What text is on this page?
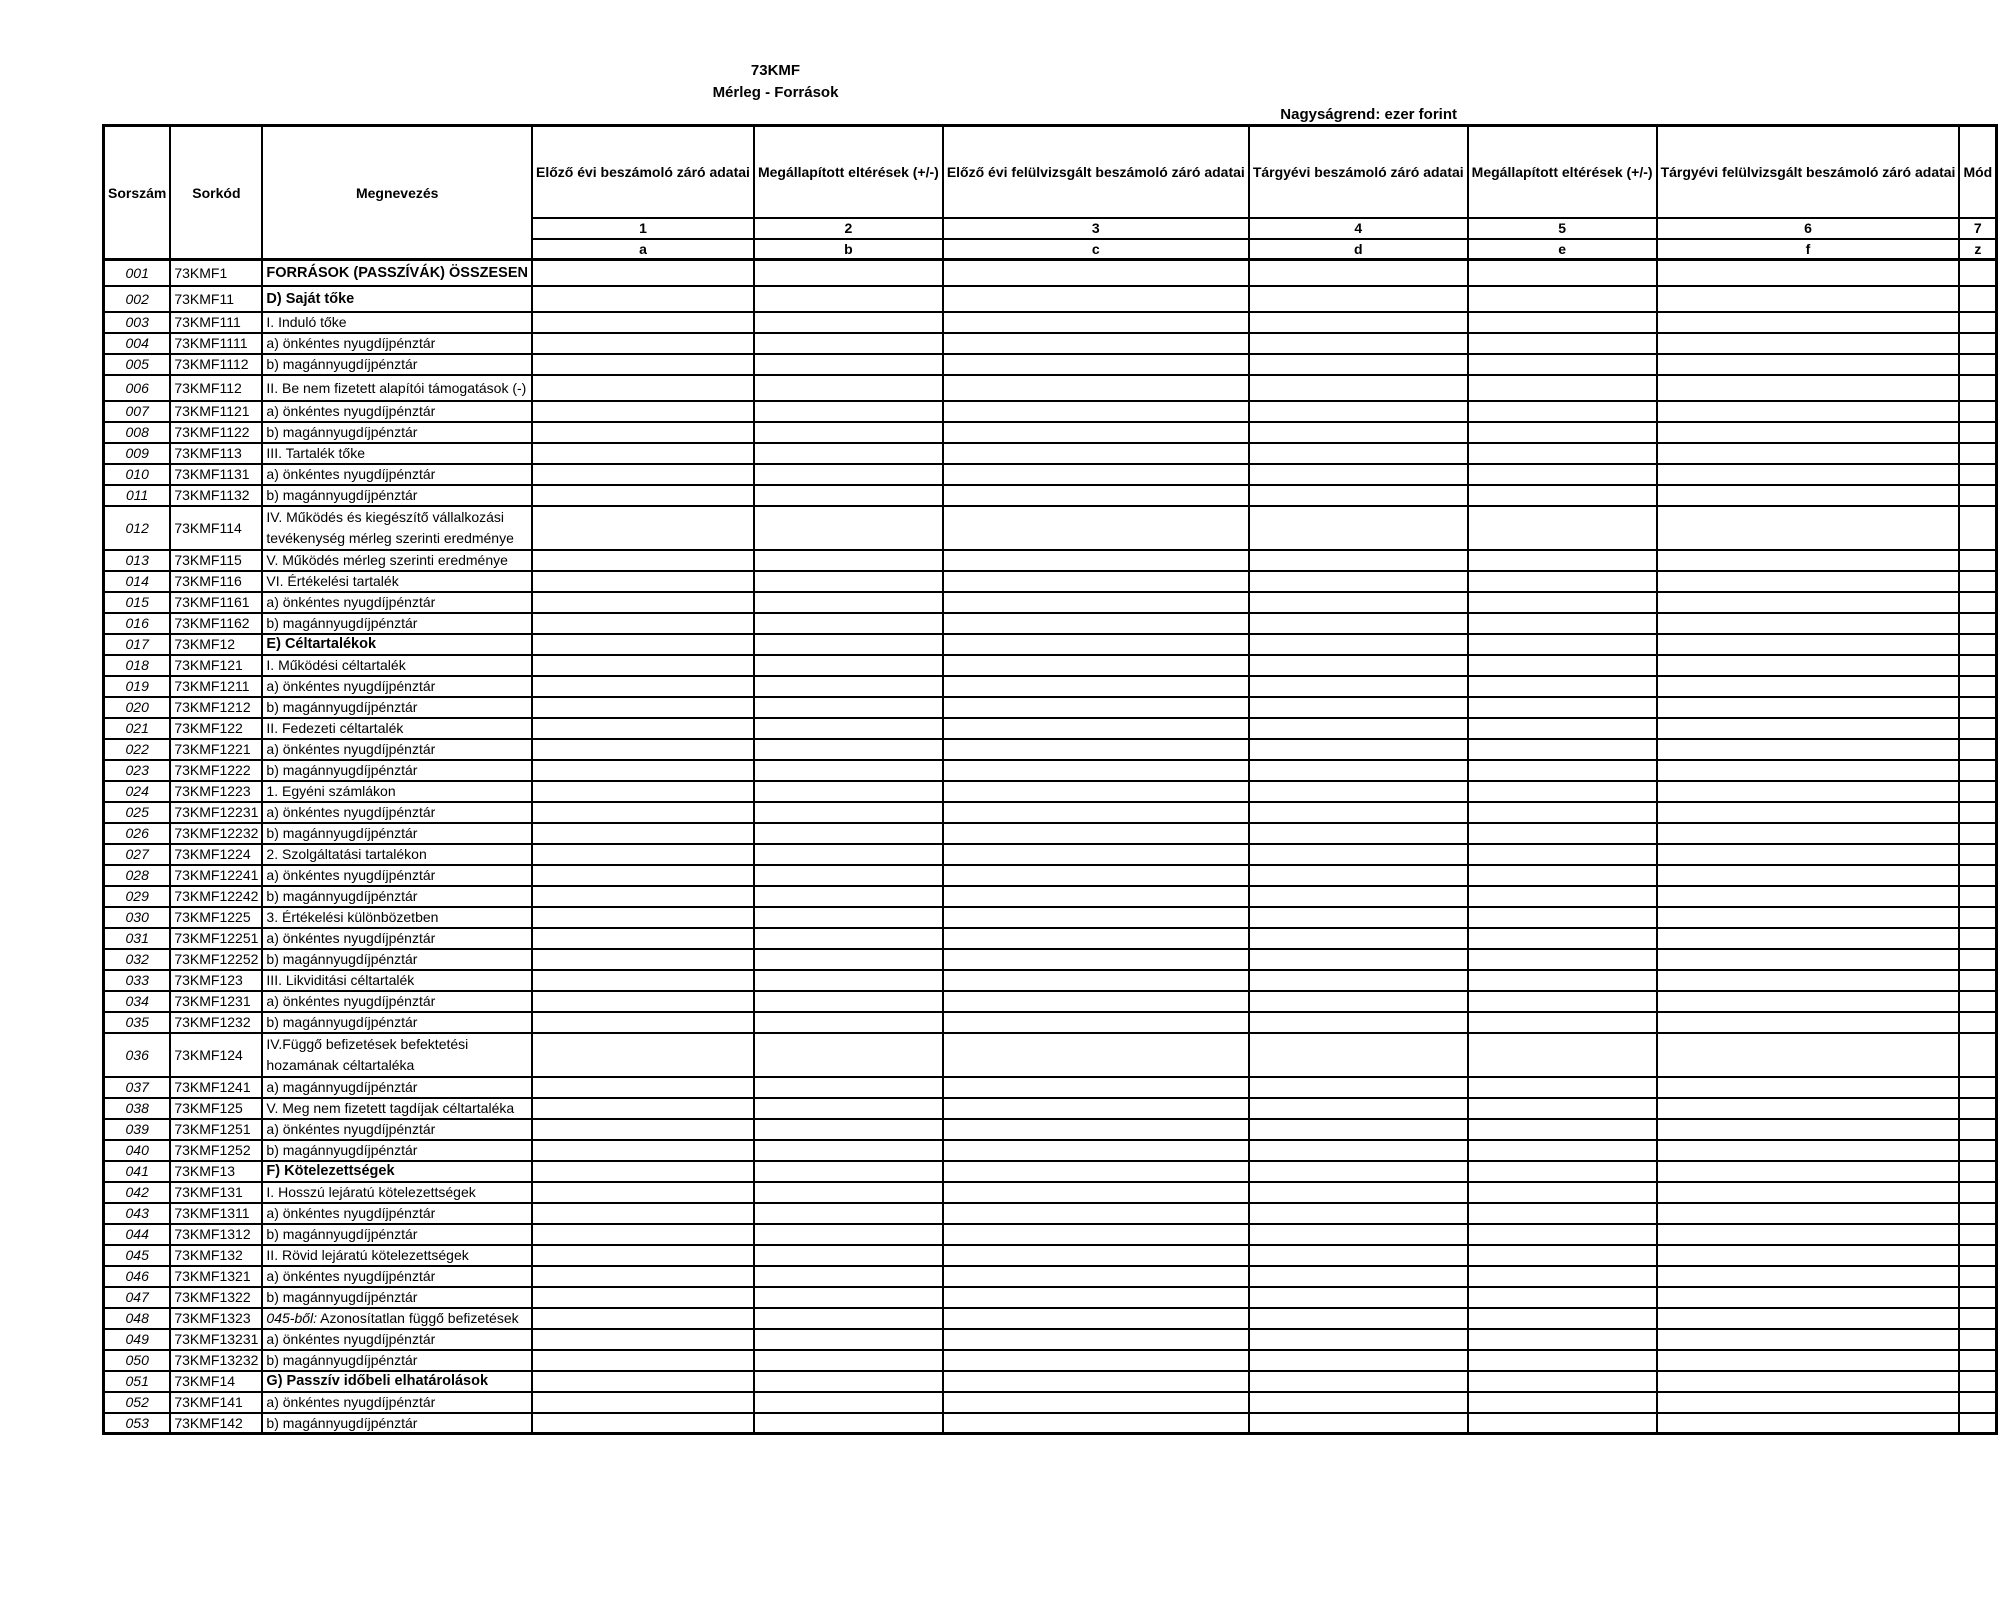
73KMF
Mérleg - Források
Nagyságrend: ezer forint
Sorszám	Sorkód	Megnevezés	Előző évi beszámoló záró adatai	Megállapított eltérések (+/-)	Előző évi felülvizsgált beszámoló záró adatai	Tárgyévi beszámoló záró adatai	Megállapított eltérések (+/-)	Tárgyévi felülvizsgált beszámoló záró adatai	Mód
			1	2	3	4	5	6	7
			a	b	c	d	e	f	z
001	73KMF1	FORRÁSOK (PASSZÍVÁK) ÖSSZESEN							
002	73KMF11	D) Saját tőke							
003	73KMF111	I. Induló tőke							
004	73KMF1111	a) önkéntes nyugdíjpénztár							
005	73KMF1112	b) magánnyugdíjpénztár							
006	73KMF112	II. Be nem fizetett alapítói támogatások (-)							
007	73KMF1121	a) önkéntes nyugdíjpénztár							
008	73KMF1122	b) magánnyugdíjpénztár							
009	73KMF113	III. Tartalék tőke							
010	73KMF1131	a) önkéntes nyugdíjpénztár							
011	73KMF1132	b) magánnyugdíjpénztár							
012	73KMF114	IV. Működés és kiegészítő vállalkozási tevékenység mérleg szerinti eredménye							
013	73KMF115	V. Működés mérleg szerinti eredménye							
014	73KMF116	VI. Értékelési tartalék							
015	73KMF1161	a) önkéntes nyugdíjpénztár							
016	73KMF1162	b) magánnyugdíjpénztár							
017	73KMF12	E) Céltartalékok							
018	73KMF121	I. Működési céltartalék							
019	73KMF1211	a) önkéntes nyugdíjpénztár							
020	73KMF1212	b) magánnyugdíjpénztár							
021	73KMF122	II. Fedezeti céltartalék							
022	73KMF1221	a) önkéntes nyugdíjpénztár							
023	73KMF1222	b) magánnyugdíjpénztár							
024	73KMF1223	1. Egyéni számlákon							
025	73KMF12231	a) önkéntes nyugdíjpénztár							
026	73KMF12232	b) magánnyugdíjpénztár							
027	73KMF1224	2. Szolgáltatási tartalékon							
028	73KMF12241	a) önkéntes nyugdíjpénztár							
029	73KMF12242	b) magánnyugdíjpénztár							
030	73KMF1225	3. Értékelési különbözetben							
031	73KMF12251	a) önkéntes nyugdíjpénztár							
032	73KMF12252	b) magánnyugdíjpénztár							
033	73KMF123	III. Likviditási céltartalék							
034	73KMF1231	a) önkéntes nyugdíjpénztár							
035	73KMF1232	b) magánnyugdíjpénztár							
036	73KMF124	IV.Függő befizetések befektetési hozamának céltartaléka							
037	73KMF1241	a) magánnyugdíjpénztár							
038	73KMF125	V. Meg nem fizetett tagdíjak céltartaléka							
039	73KMF1251	a) önkéntes nyugdíjpénztár							
040	73KMF1252	b) magánnyugdíjpénztár							
041	73KMF13	F) Kötelezettségek							
042	73KMF131	I. Hosszú lejáratú kötelezettségek							
043	73KMF1311	a) önkéntes nyugdíjpénztár							
044	73KMF1312	b) magánnyugdíjpénztár							
045	73KMF132	II. Rövid lejáratú kötelezettségek							
046	73KMF1321	a) önkéntes nyugdíjpénztár							
047	73KMF1322	b) magánnyugdíjpénztár							
048	73KMF1323	045-ből: Azonosítatlan függő befizetések							
049	73KMF13231	a) önkéntes nyugdíjpénztár							
050	73KMF13232	b) magánnyugdíjpénztár							
051	73KMF14	G) Passzív időbeli elhatárolások							
052	73KMF141	a) önkéntes nyugdíjpénztár							
053	73KMF142	b) magánnyugdíjpénztár							
